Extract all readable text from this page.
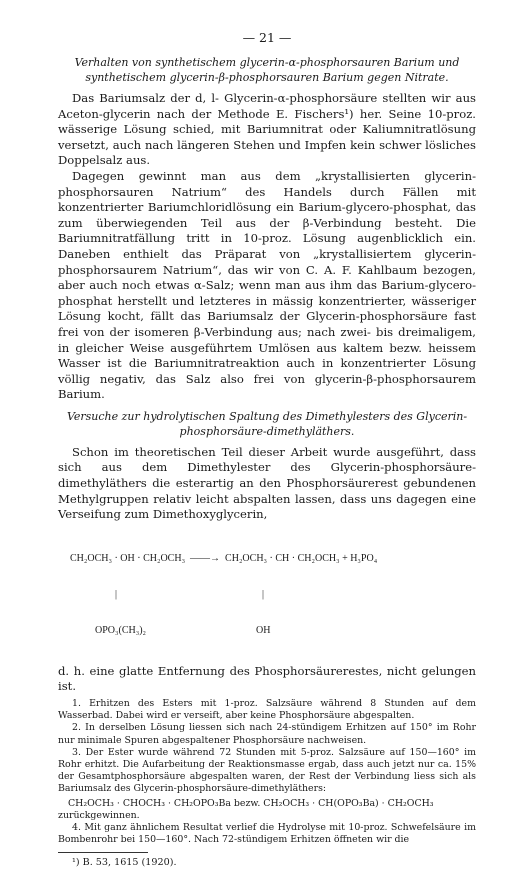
— 21 —
Verhalten von synthetischem glycerin-α-phosphorsauren Barium und synthetischem glycerin-β-phosphorsauren Barium gegen Nitrate.

Das Bariumsalz der d, l- Glycerin-α-phosphorsäure stellten wir aus Aceton-glycerin nach der Methode E. Fischers¹) her. Seine 10-proz. wässerige Lösung schied, mit Bariumnitrat oder Kaliumnitratlösung versetzt, auch nach längeren Stehen und Impfen kein schwer lösliches Doppelsalz aus.

Dagegen gewinnt man aus dem „krystallisierten glycerin-phosphorsauren Natrium“ des Handels durch Fällen mit konzentrierter Bariumchloridlösung ein Barium-glycero-phosphat, das zum überwiegenden Teil aus der β-Verbindung besteht. Die Bariumnitratfällung tritt in 10-proz. Lösung augenblicklich ein. Daneben enthielt das Präparat von „krystallisiertem glycerin-phosphorsaurem Natrium“, das wir von C. A. F. Kahlbaum bezogen, aber auch noch etwas α-Salz; wenn man aus ihm das Barium-glycero-phosphat herstellt und letzteres in mässig konzentrierter, wässeriger Lösung kocht, fällt das Bariumsalz der Glycerin-phosphorsäure fast frei von der isomeren β-Verbindung aus; nach zwei- bis dreimaligem, in gleicher Weise ausgeführtem Umlösen aus kaltem bezw. heissem Wasser ist die Bariumnitratreaktion auch in konzentrierter Lösung völlig negativ, das Salz also frei von glycerin-β-phosphorsaurem Barium.

Versuche zur hydrolytischen Spaltung des Dimethylesters des Glycerin-phosphorsäure-dimethyläthers.

Schon im theoretischen Teil dieser Arbeit wurde ausgeführt, dass sich aus dem Dimethylester des Glycerin-phosphorsäure-dimethyläthers die esterartig an den Phosphorsäurerest gebundenen Methylgruppen relativ leicht abspalten lassen, dass uns dagegen eine Verseifung zum Dimethoxyglycerin,

CH₂OCH₃ · OH · CH₂OCH₃  ——→  CH₂OCH₃ · CH · CH₂OCH₃ + H₃PO₄

|                                                          |

OPO₃(CH₃)₂                                            OH

d. h. eine glatte Entfernung des Phosphorsäurerestes, nicht gelungen ist.

1. Erhitzen des Esters mit 1-proz. Salzsäure während 8 Stunden auf dem Wasserbad. Dabei wird er verseift, aber keine Phosphorsäure abgespalten.

2. In derselben Lösung liessen sich nach 24-stündigem Erhitzen auf 150° im Rohr nur minimale Spuren abgespaltener Phosphorsäure nachweisen.

3. Der Ester wurde während 72 Stunden mit 5-proz. Salzsäure auf 150—160° im Rohr erhitzt. Die Aufarbeitung der Reaktionsmasse ergab, dass auch jetzt nur ca. 15% der Gesamtphosphorsäure abgespalten waren, der Rest der Verbindung liess sich als Bariumsalz des Glycerin-phosphorsäure-dimethyläthers:

CH₂OCH₃ · CHOCH₃ · CH₂OPO₃Ba bezw. CH₂OCH₃ · CH(OPO₃Ba) · CH₂OCH₃

zurückgewinnen.

4. Mit ganz ähnlichem Resultat verlief die Hydrolyse mit 10-proz. Schwefelsäure im Bombenrohr bei 150—160°. Nach 72-stündigem Erhitzen öffneten wir die

¹) B. 53, 1615 (1920).
